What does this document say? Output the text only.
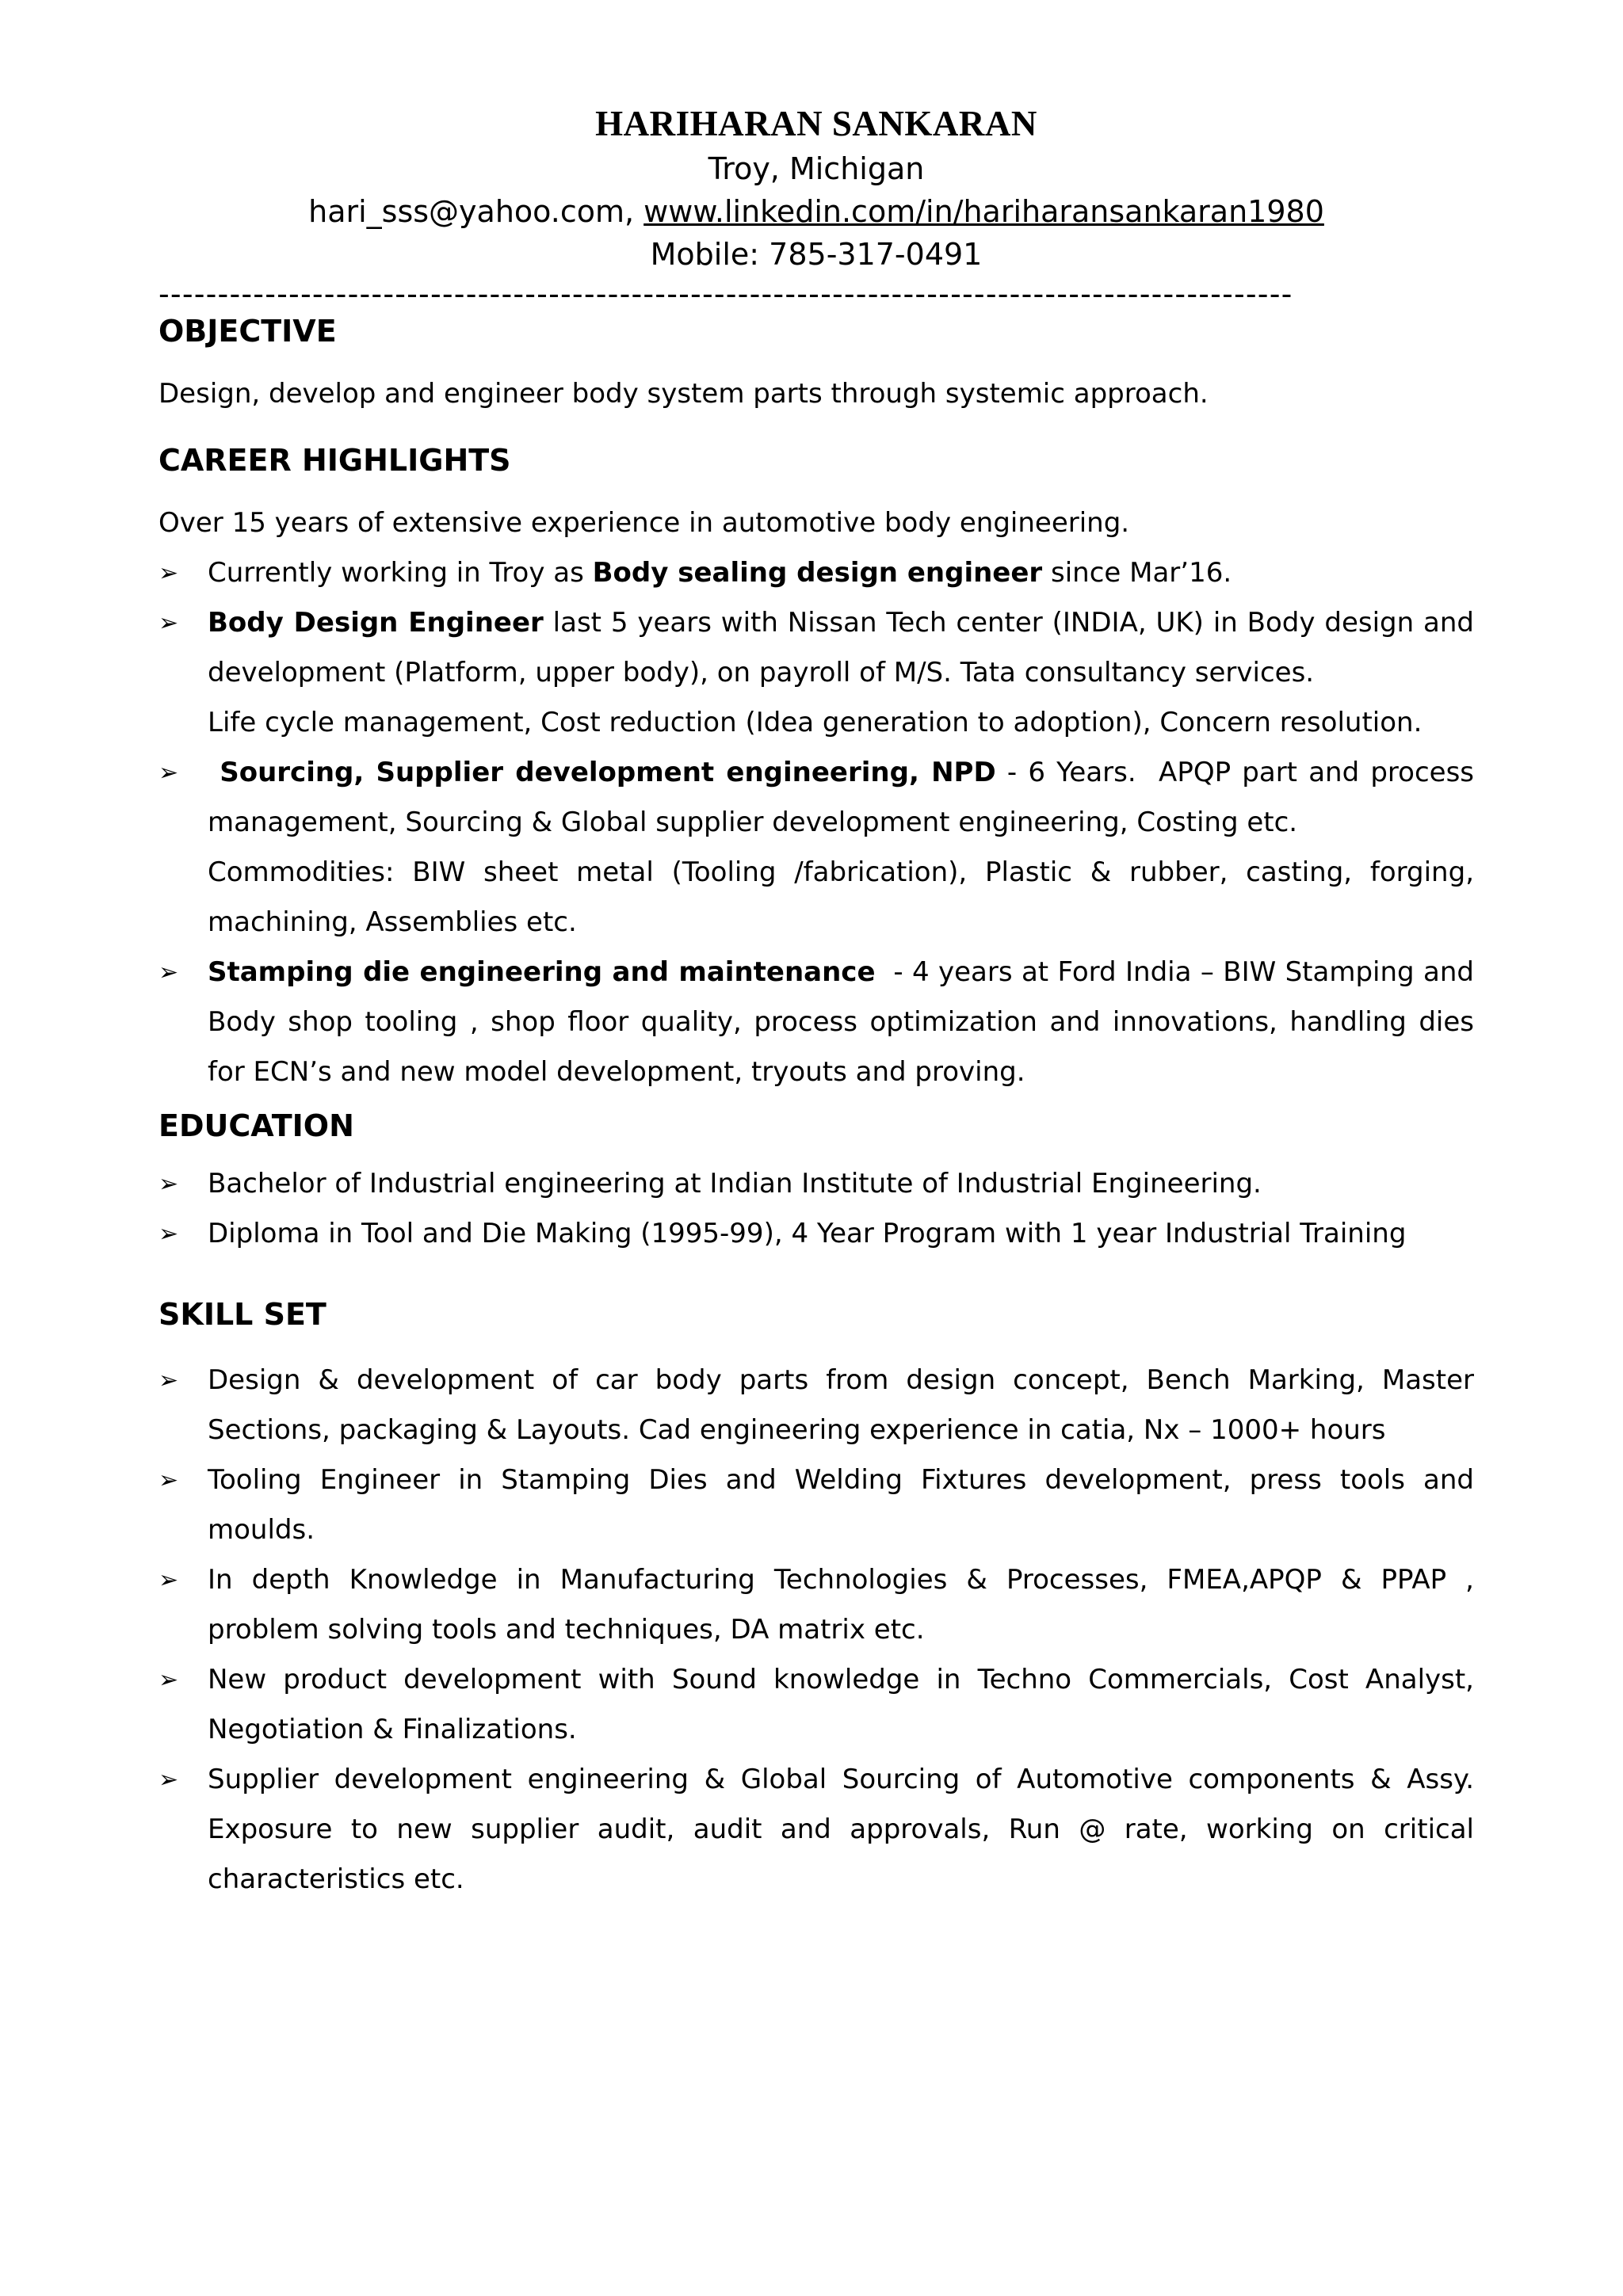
HARIHARAN SANKARAN
Troy, Michigan
hari_sss@yahoo.com, www.linkedin.com/in/hariharansankaran1980
Mobile: 785-317-0491
------------------------------------------------------------------------------------------------
OBJECTIVE

Design, develop and engineer body system parts through systemic approach.

CAREER HIGHLIGHTS

Over 15 years of extensive experience in automotive body engineering.

➢ Currently working in Troy as Body sealing design engineer since Mar’16.
➢ Body Design Engineer last 5 years with Nissan Tech center (INDIA, UK) in Body design and development (Platform, upper body), on payroll of M/S. Tata consultancy services.
Life cycle management, Cost reduction (Idea generation to adoption), Concern resolution.
➢ Sourcing, Supplier development engineering, NPD - 6 Years.  APQP part and process management, Sourcing & Global supplier development engineering, Costing etc.
Commodities: BIW sheet metal (Tooling /fabrication), Plastic & rubber, casting, forging, machining, Assemblies etc.
➢ Stamping die engineering and maintenance  - 4 years at Ford India – BIW Stamping and Body shop tooling , shop floor quality, process optimization and innovations, handling dies for ECN’s and new model development, tryouts and proving.
EDUCATION
➢ Bachelor of Industrial engineering at Indian Institute of Industrial Engineering.
➢ Diploma in Tool and Die Making (1995-99), 4 Year Program with 1 year Industrial Training
SKILL SET
➢ Design & development of car body parts from design concept, Bench Marking, Master Sections, packaging & Layouts. Cad engineering experience in catia, Nx – 1000+ hours
➢ Tooling Engineer in Stamping Dies and Welding Fixtures development, press tools and moulds.
➢ In depth Knowledge in Manufacturing Technologies & Processes, FMEA,APQP & PPAP , problem solving tools and techniques, DA matrix etc.
➢ New product development with Sound knowledge in Techno Commercials, Cost Analyst, Negotiation & Finalizations.
➢ Supplier development engineering & Global Sourcing of Automotive components & Assy. Exposure to new supplier audit, audit and approvals, Run @ rate, working on critical characteristics etc.
